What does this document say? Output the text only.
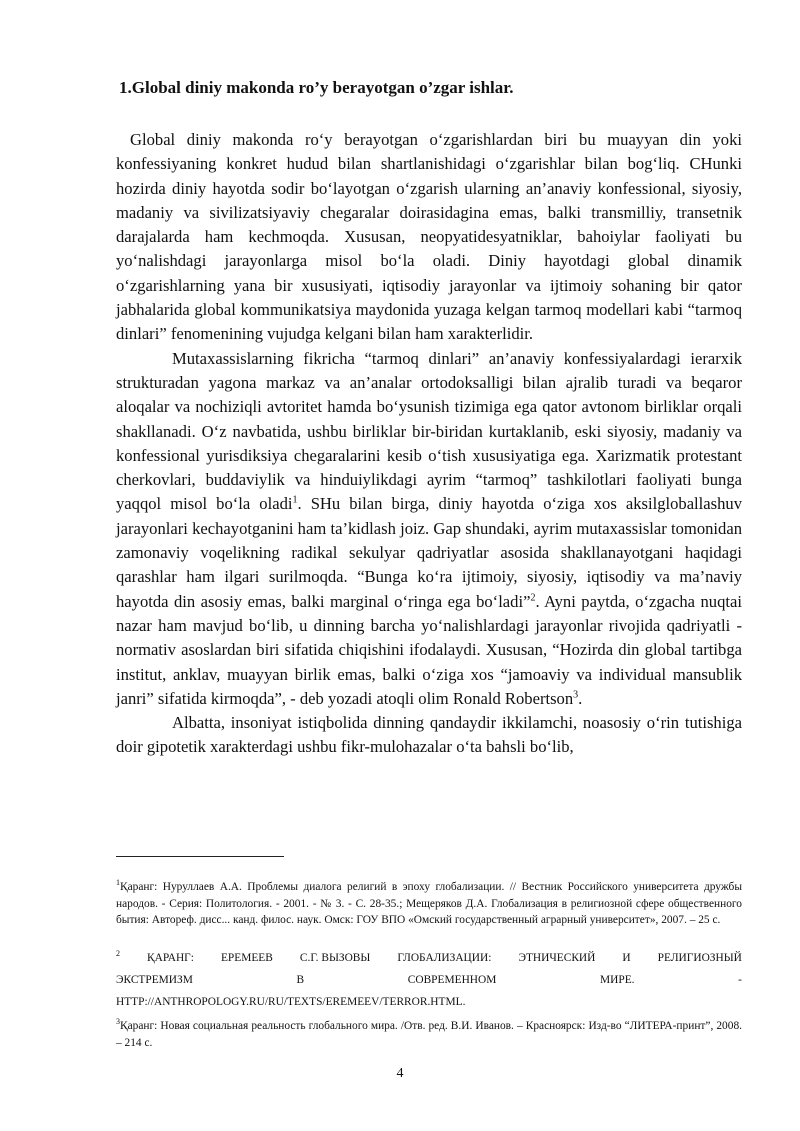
1.Global diniy makonda ro’y berayotgan o’zgar ishlar.

Global diniy makonda roʻy berayotgan oʻzgarishlardan biri bu muayyan din yoki konfessiyaning konkret hudud bilan shartlanishidagi oʻzgarishlar bilan bogʻliq. CHunki hozirda diniy hayotda sodir boʻlayotgan oʻzgarish ularning an’anaviy konfessional, siyosiy, madaniy va sivilizatsiyaviy chegaralar doirasidagina emas, balki transmilliy, transetnik darajalarda ham kechmoqda. Xususan, neopyatidesyatniklar, bahoiylar faoliyati bu yoʻnalishdagi jarayonlarga misol boʻla oladi. Diniy hayotdagi global dinamik oʻzgarishlarning yana bir xususiyati, iqtisodiy jarayonlar va ijtimoiy sohaning bir qator jabhalarida global kommunikatsiya maydonida yuzaga kelgan tarmoq modellari kabi “tarmoq dinlari” fenomenining vujudga kelgani bilan ham xarakterlidir.

Mutaxassislarning fikricha “tarmoq dinlari” an’anaviy konfessiyalardagi ierarxik strukturadan yagona markaz va an’analar ortodoksalligi bilan ajralib turadi va beqaror aloqalar va nochiziqli avtoritet hamda boʻysunish tizimiga ega qator avtonom birliklar orqali shakllanadi. Oʻz navbatida, ushbu birliklar bir-biridan kurtaklanib, eski siyosiy, madaniy va konfessional yurisdiksiya chegaralarini kesib oʻtish xususiyatiga ega. Xarizmatik protestant cherkovlari, buddaviylik va hinduiylikdagi ayrim “tarmoq” tashkilotlari faoliyati bunga yaqqol misol boʻla oladi$^1$. SHu bilan birga, diniy hayotda oʻziga xos aksilgloballashuv jarayonlari kechayotganini ham ta’kidlash joiz. Gap shundaki, ayrim mutaxassislar tomonidan zamonaviy voqelikning radikal sekulyar qadriyatlar asosida shakllanayotgani haqidagi qarashlar ham ilgari surilmoqda. “Bunga koʻra ijtimoiy, siyosiy, iqtisodiy va ma’naviy hayotda din asosiy emas, balki marginal oʻringa ega boʻladi”$^2$. Ayni paytda, oʻzgacha nuqtai nazar ham mavjud boʻlib, u dinning barcha yoʻnalishlardagi jarayonlar rivojida qadriyatli - normativ asoslardan biri sifatida chiqishini ifodalaydi. Xususan, “Hozirda din global tartibga institut, anklav, muayyan birlik emas, balki oʻziga xos “jamoaviy va individual mansublik janri” sifatida kirmoqda”, - deb yozadi atoqli olim Ronald Robertson$^3$.

Albatta, insoniyat istiqbolida dinning qandaydir ikkilamchi, noasosiy oʻrin tutishiga doir gipotetik xarakterdagi ushbu fikr-mulohazalar oʻta bahsli boʻlib,

$^1$Қаранг: Нуруллаев А.А. Проблемы диалога религий в эпоху глобализации. // Вестник Российского университета дружбы народов. - Серия: Политология. - 2001. - № 3. - С. 28-35.; Мещеряков Д.А. Глобализация в религиозной сфере общественного бытия: Автореф. дисс... канд. филос. наук. Омск: ГОУ ВПО «Омский государственный аграрный университет», 2007. – 25 с.
$^2$ ҚАРАНГ: ЕРЕМЕЕВ С.Г. ВЫЗОВЫ ГЛОБАЛИЗАЦИИ: ЭТНИЧЕСКИЙ И РЕЛИГИОЗНЫЙ
ЭКСТРЕМИЗМ	В	СОВРЕМЕННОМ	МИРЕ.	-
HTTP://ANTHROPOLOGY.RU/RU/TEXTS/EREMEEV/TERROR.HTML.
$^3$Қаранг: Новая социальная реальность глобального мира. /Отв. ред. В.И. Иванов. – Красноярск: Изд-во “ЛИТЕРА-принт”, 2008. – 214 с.
4
